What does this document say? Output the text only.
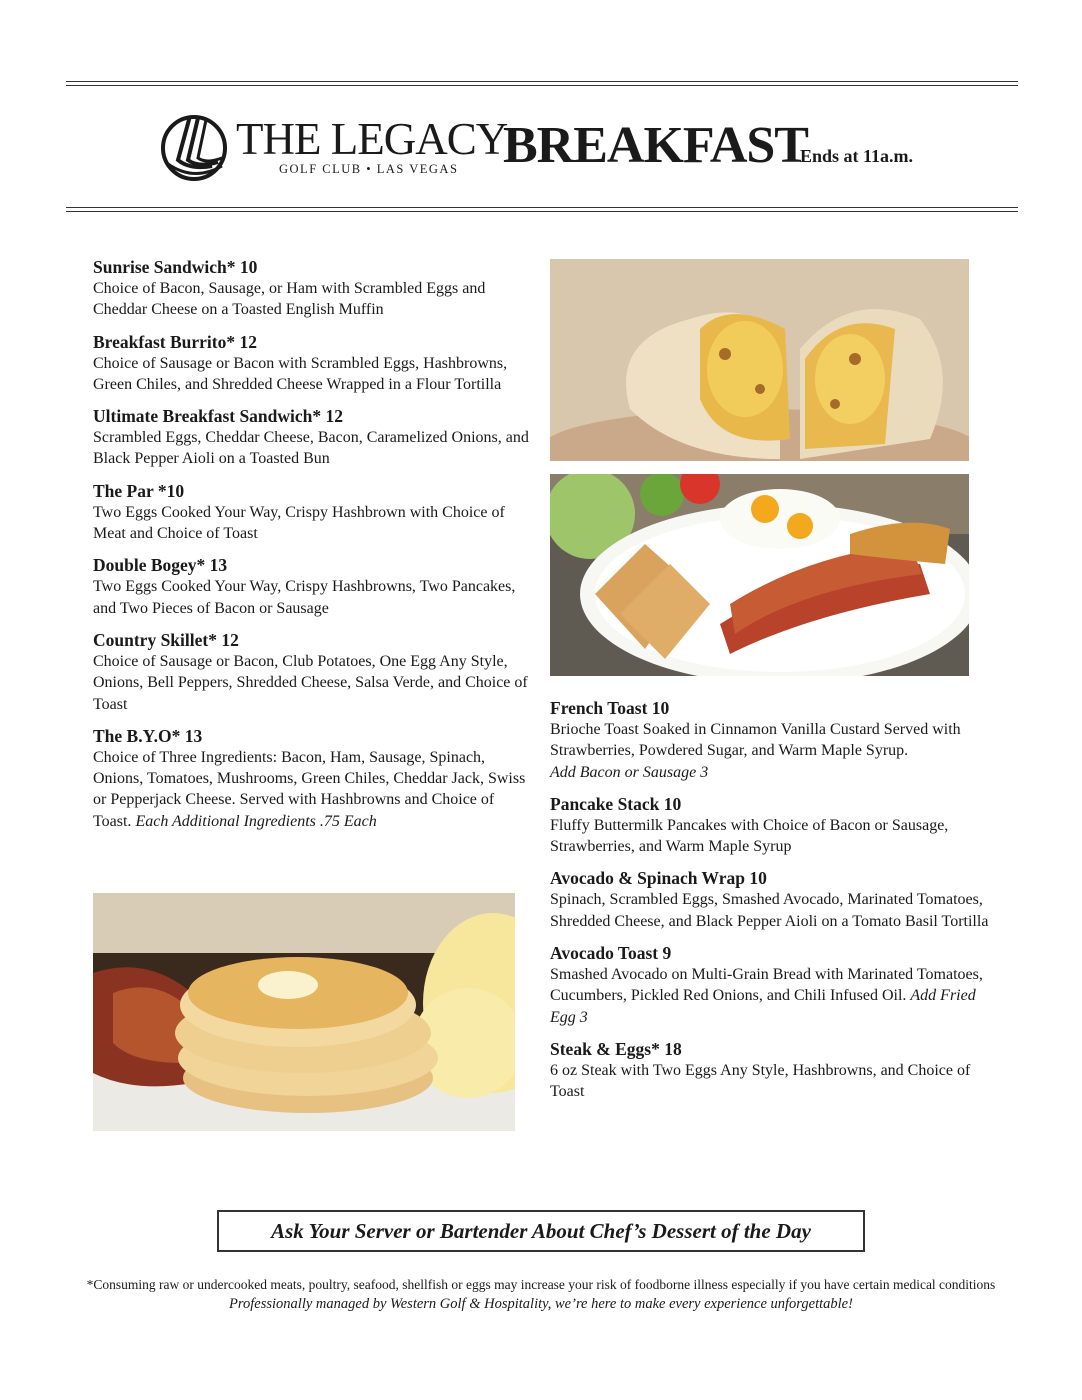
THE LEGACY
GOLF CLUB • LAS VEGAS BREAKFAST
Ends at 11a.m.
Sunrise Sandwich* 10
Choice of Bacon, Sausage, or Ham with Scrambled Eggs and Cheddar Cheese on a Toasted English Muffin
Breakfast Burrito* 12
Choice of Sausage or Bacon with Scrambled Eggs, Hashbrowns, Green Chiles, and Shredded Cheese Wrapped in a Flour Tortilla
Ultimate Breakfast Sandwich* 12
Scrambled Eggs, Cheddar Cheese, Bacon, Caramelized Onions, and Black Pepper Aioli on a Toasted Bun
The Par *10
Two Eggs Cooked Your Way, Crispy Hashbrown with Choice of Meat and Choice of Toast
Double Bogey* 13
Two Eggs Cooked Your Way, Crispy Hashbrowns, Two Pancakes, and Two Pieces of Bacon or Sausage
Country Skillet* 12
Choice of Sausage or Bacon, Club Potatoes, One Egg Any Style, Onions, Bell Peppers, Shredded Cheese, Salsa Verde, and Choice of Toast
The B.Y.O* 13
Choice of Three Ingredients: Bacon, Ham, Sausage, Spinach, Onions, Tomatoes, Mushrooms, Green Chiles, Cheddar Jack, Swiss or Pepperjack Cheese. Served with Hashbrowns and Choice of Toast. Each Additional Ingredients .75 Each
French Toast 10
Brioche Toast Soaked in Cinnamon Vanilla Custard Served with Strawberries, Powdered Sugar, and Warm Maple Syrup.
Add Bacon or Sausage 3
Pancake Stack 10
Fluffy Buttermilk Pancakes with Choice of Bacon or Sausage, Strawberries, and Warm Maple Syrup
Avocado & Spinach Wrap 10
Spinach, Scrambled Eggs, Smashed Avocado, Marinated Tomatoes, Shredded Cheese, and Black Pepper Aioli on a Tomato Basil Tortilla
Avocado Toast 9
Smashed Avocado on Multi-Grain Bread with Marinated Tomatoes, Cucumbers, Pickled Red Onions, and Chili Infused Oil. Add Fried Egg 3
Steak & Eggs* 18
6 oz Steak with Two Eggs Any Style, Hashbrowns, and Choice of Toast
Ask Your Server or Bartender About Chef’s Dessert of the Day
*Consuming raw or undercooked meats, poultry, seafood, shellfish or eggs may increase your risk of foodborne illness especially if you have certain medical conditions
Professionally managed by Western Golf & Hospitality, we’re here to make every experience unforgettable!
